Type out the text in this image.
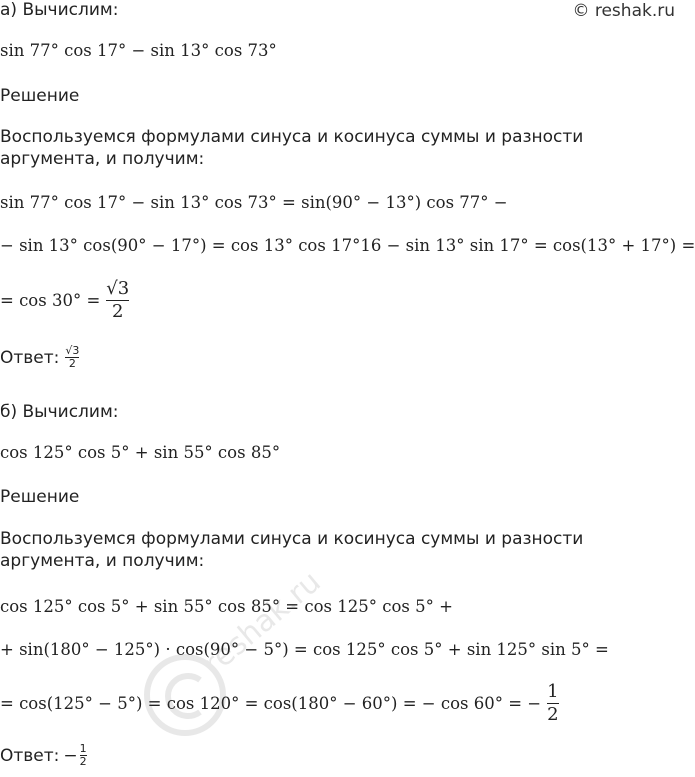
© reshak.ru
а) Вычислим:
sin 77° cos 17° − sin 13° cos 73°
Решение
Воспользуемся формулами синуса и косинуса суммы и разности аргумента, и получим:
sin 77° cos 17° − sin 13° cos 73° = sin(90° − 13°) cos 77° −
− sin 13° cos(90° − 17°) = cos 13° cos 17°16 − sin 13° sin 17° = cos(13° + 17°) =
= $\cos 30^\circ = \frac{√3}{2}$
Ответ: $\frac{√3}{2}$
б) Вычислим:
cos 125° cos 5° + sin 55° cos 85°
Решение
Воспользуемся формулами синуса и косинуса суммы и разности аргумента, и получим:
cos 125° cos 5° + sin 55° cos 85° = cos 125° cos 5° +
+ sin(180° − 125°) · cos(90° − 5°) = cos 125° cos 5° + sin 125° sin 5° =
= cos(125° − 5°) = cos 120° = cos(180° − 60°) = − cos 60° = − $\frac{1}{2}$
Ответ: − $\frac{1}{2}$
reshak.ru
